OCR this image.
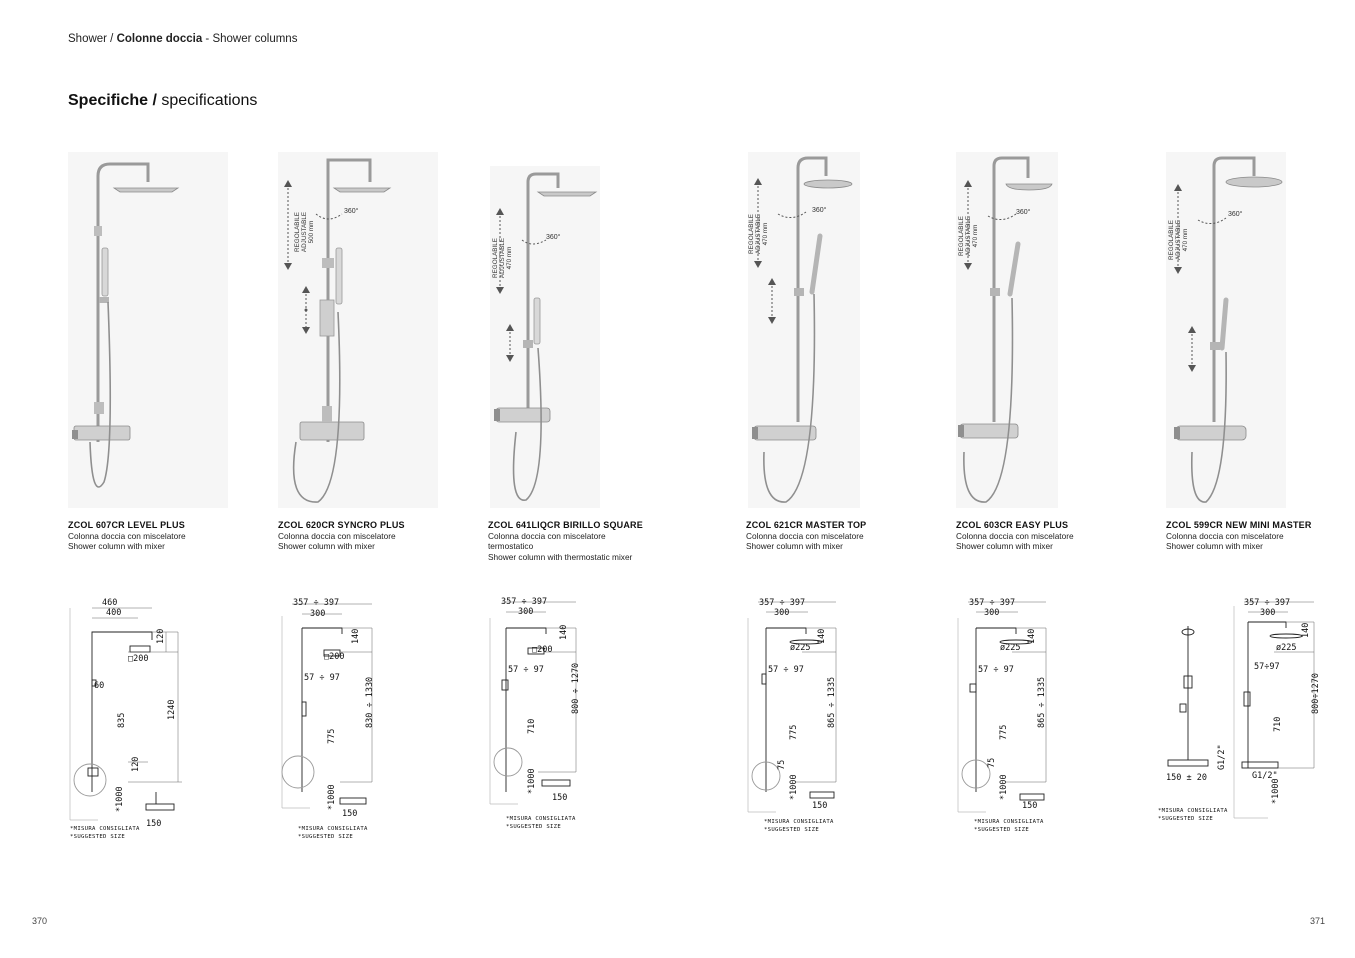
Shower / Colonne doccia - Shower columns
Specifiche / specifications
REGOLABILE ADJUSTABLE 500 mm
360°
REGOLABILE ADJUSTABLE 470 mm
360°	REGOLABILE ADJUSTABLE 470 mm
360°
REGOLABILE ADJUSTABLE 470 mm
360°
REGOLABILE ADJUSTABLE 470 mm
360°
ZCOL 607CR LEVEL PLUS
Colonna doccia con miscelatore
Shower column with mixer
ZCOL 620CR SYNCRO PLUS
Colonna doccia con miscelatore
Shower column with mixer
ZCOL 641LIQCR BIRILLO SQUARE
Colonna doccia con miscelatore
termostatico
Shower column with thermostatic mixer
ZCOL 621CR MASTER TOP
Colonna doccia con miscelatore
Shower column with mixer
ZCOL 603CR EASY PLUS
Colonna doccia con miscelatore
Shower column with mixer
ZCOL 599CR NEW MINI MASTER
Colonna doccia con miscelatore
Shower column with mixer
460
400
120
□200
60
835
1240
120
*1000
150
*MISURA CONSIGLIATA
*SUGGESTED SIZE
357 ÷ 397
300
140
□200
57 ÷ 97
775
830 ÷ 1330
*1000
150
*MISURA CONSIGLIATA
*SUGGESTED SIZE
357 ÷ 397
300
140
□200
57 ÷ 97
710
800 ÷ 1270
*1000
150
*MISURA CONSIGLIATA
*SUGGESTED SIZE
357 ÷ 397
300
140
ø225
57 ÷ 97
775
865 ÷ 1335
75
*1000
150
*MISURA CONSIGLIATA
*SUGGESTED SIZE
357 ÷ 397
300
140
ø225
57 ÷ 97
775
865 ÷ 1335
75
*1000
150
*MISURA CONSIGLIATA
*SUGGESTED SIZE
150 ± 20
357 ÷ 397
300
140
ø225
57÷97
710
800÷1270
G1/2"
*1000
G1/2"
*MISURA CONSIGLIATA
*SUGGESTED SIZE
370	371
